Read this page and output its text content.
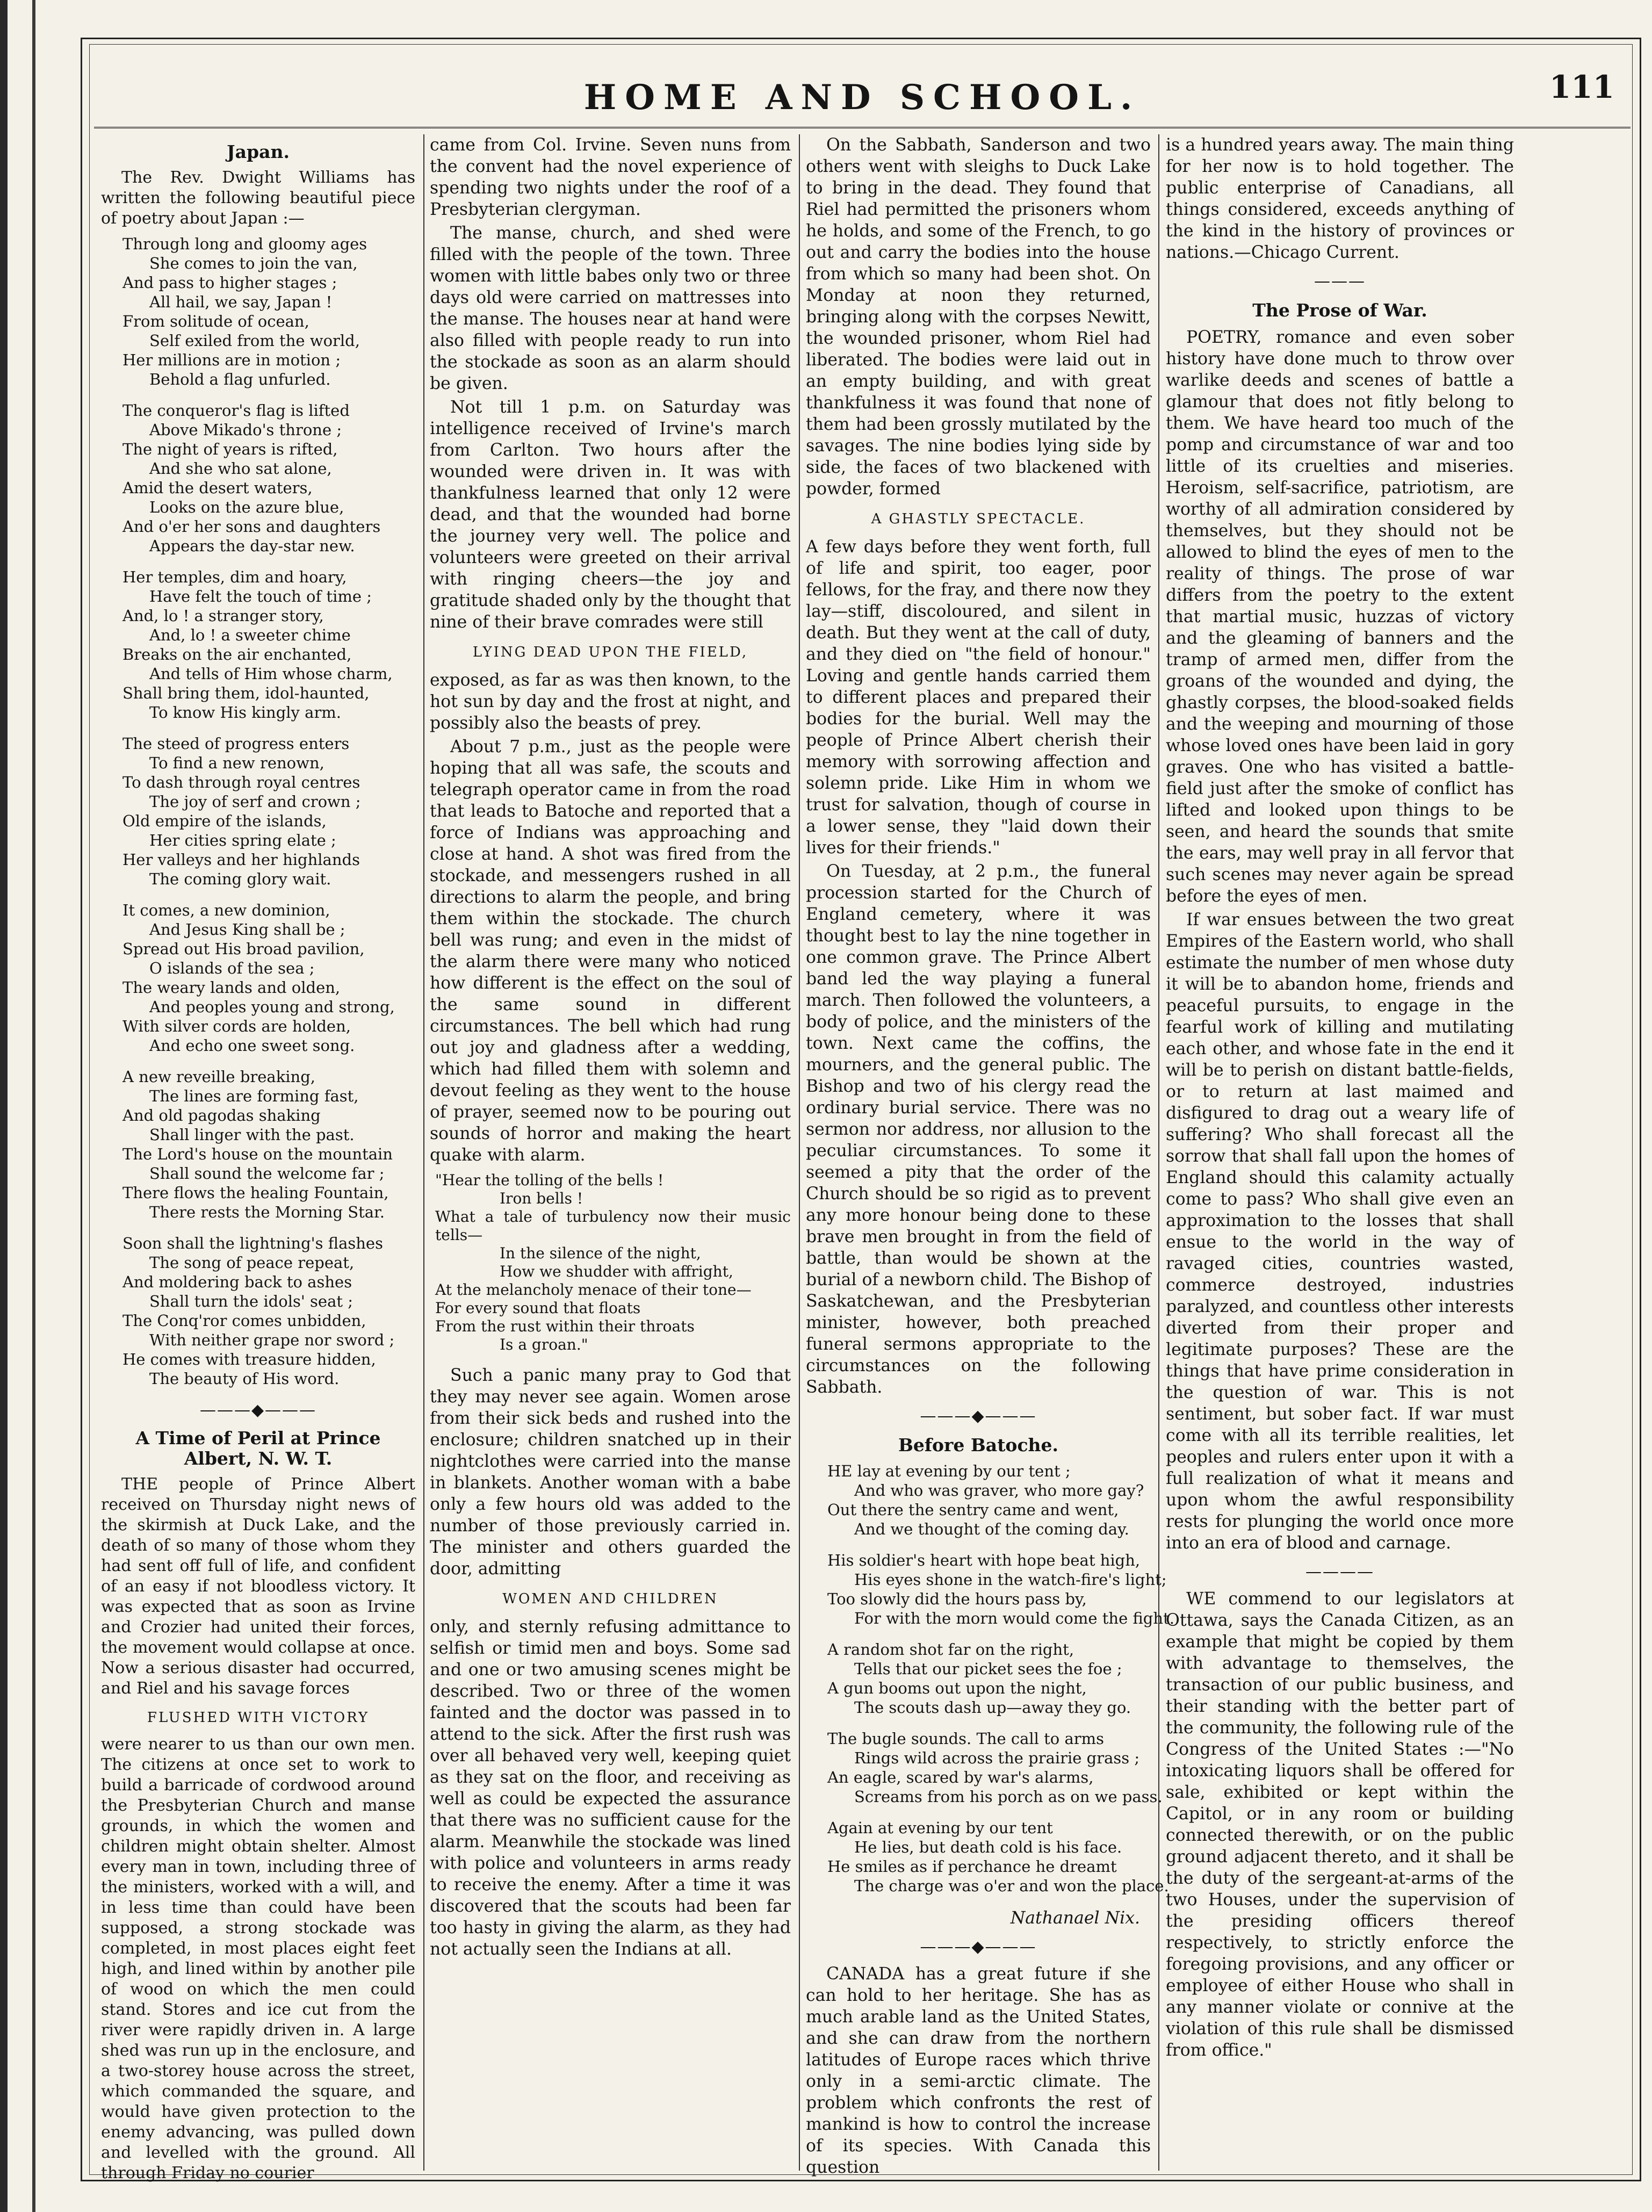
HOME AND SCHOOL.	111
Japan.

The Rev. Dwight Williams has written the following beautiful piece of poetry about Japan :—

Through long and gloomy ages
She comes to join the van,
And pass to higher stages ;
All hail, we say, Japan !
From solitude of ocean,
Self exiled from the world,
Her millions are in motion ;
Behold a flag unfurled.
The conqueror's flag is lifted
Above Mikado's throne ;
The night of years is rifted,
And she who sat alone,
Amid the desert waters,
Looks on the azure blue,
And o'er her sons and daughters
Appears the day-star new.
Her temples, dim and hoary,
Have felt the touch of time ;
And, lo ! a stranger story,
And, lo ! a sweeter chime
Breaks on the air enchanted,
And tells of Him whose charm,
Shall bring them, idol-haunted,
To know His kingly arm.
The steed of progress enters
To find a new renown,
To dash through royal centres
The joy of serf and crown ;
Old empire of the islands,
Her cities spring elate ;
Her valleys and her highlands
The coming glory wait.
It comes, a new dominion,
And Jesus King shall be ;
Spread out His broad pavilion,
O islands of the sea ;
The weary lands and olden,
And peoples young and strong,
With silver cords are holden,
And echo one sweet song.
A new reveille breaking,
The lines are forming fast,
And old pagodas shaking
Shall linger with the past.
The Lord's house on the mountain
Shall sound the welcome far ;
There flows the healing Fountain,
There rests the Morning Star.
Soon shall the lightning's flashes
The song of peace repeat,
And moldering back to ashes
Shall turn the idols' seat ;
The Conq'ror comes unbidden,
With neither grape nor sword ;
He comes with treasure hidden,
The beauty of His word.
———◆———
A Time of Peril at Prince Albert, N. W. T.

THE people of Prince Albert received on Thursday night news of the skirmish at Duck Lake, and the death of so many of those whom they had sent off full of life, and confident of an easy if not bloodless victory. It was expected that as soon as Irvine and Crozier had united their forces, the movement would collapse at once. Now a serious disaster had occurred, and Riel and his savage forces

FLUSHED WITH VICTORY

were nearer to us than our own men. The citizens at once set to work to build a barricade of cordwood around the Presbyterian Church and manse grounds, in which the women and children might obtain shelter. Almost every man in town, including three of the ministers, worked with a will, and in less time than could have been supposed, a strong stockade was completed, in most places eight feet high, and lined within by another pile of wood on which the men could stand. Stores and ice cut from the river were rapidly driven in. A large shed was run up in the enclosure, and a two-storey house across the street, which commanded the square, and would have given protection to the enemy advancing, was pulled down and levelled with the ground. All through Friday no courier

came from Col. Irvine. Seven nuns from the convent had the novel experience of spending two nights under the roof of a Presbyterian clergyman.

The manse, church, and shed were filled with the people of the town. Three women with little babes only two or three days old were carried on mattresses into the manse. The houses near at hand were also filled with people ready to run into the stockade as soon as an alarm should be given.

Not till 1 p.m. on Saturday was intelligence received of Irvine's march from Carlton. Two hours after the wounded were driven in. It was with thankfulness learned that only 12 were dead, and that the wounded had borne the journey very well. The police and volunteers were greeted on their arrival with ringing cheers—the joy and gratitude shaded only by the thought that nine of their brave comrades were still

LYING DEAD UPON THE FIELD,

exposed, as far as was then known, to the hot sun by day and the frost at night, and possibly also the beasts of prey.

About 7 p.m., just as the people were hoping that all was safe, the scouts and telegraph operator came in from the road that leads to Batoche and reported that a force of Indians was approaching and close at hand. A shot was fired from the stockade, and messengers rushed in all directions to alarm the people, and bring them within the stockade. The church bell was rung; and even in the midst of the alarm there were many who noticed how different is the effect on the soul of the same sound in different circumstances. The bell which had rung out joy and gladness after a wedding, which had filled them with solemn and devout feeling as they went to the house of prayer, seemed now to be pouring out sounds of horror and making the heart quake with alarm.

"Hear the tolling of the bells !
Iron bells !
What a tale of turbulency now their music tells—
In the silence of the night,
How we shudder with affright,
At the melancholy menace of their tone—
For every sound that floats
From the rust within their throats
Is a groan."

Such a panic many pray to God that they may never see again. Women arose from their sick beds and rushed into the enclosure; children snatched up in their nightclothes were carried into the manse in blankets. Another woman with a babe only a few hours old was added to the number of those previously carried in. The minister and others guarded the door, admitting

WOMEN AND CHILDREN

only, and sternly refusing admittance to selfish or timid men and boys. Some sad and one or two amusing scenes might be described. Two or three of the women fainted and the doctor was passed in to attend to the sick. After the first rush was over all behaved very well, keeping quiet as they sat on the floor, and receiving as well as could be expected the assurance that there was no sufficient cause for the alarm. Meanwhile the stockade was lined with police and volunteers in arms ready to receive the enemy. After a time it was discovered that the scouts had been far too hasty in giving the alarm, as they had not actually seen the Indians at all.

On the Sabbath, Sanderson and two others went with sleighs to Duck Lake to bring in the dead. They found that Riel had permitted the prisoners whom he holds, and some of the French, to go out and carry the bodies into the house from which so many had been shot. On Monday at noon they returned, bringing along with the corpses Newitt, the wounded prisoner, whom Riel had liberated. The bodies were laid out in an empty building, and with great thankfulness it was found that none of them had been grossly mutilated by the savages. The nine bodies lying side by side, the faces of two blackened with powder, formed

A GHASTLY SPECTACLE.

A few days before they went forth, full of life and spirit, too eager, poor fellows, for the fray, and there now they lay—stiff, discoloured, and silent in death. But they went at the call of duty, and they died on "the field of honour." Loving and gentle hands carried them to different places and prepared their bodies for the burial. Well may the people of Prince Albert cherish their memory with sorrowing affection and solemn pride. Like Him in whom we trust for salvation, though of course in a lower sense, they "laid down their lives for their friends."

On Tuesday, at 2 p.m., the funeral procession started for the Church of England cemetery, where it was thought best to lay the nine together in one common grave. The Prince Albert band led the way playing a funeral march. Then followed the volunteers, a body of police, and the ministers of the town. Next came the coffins, the mourners, and the general public. The Bishop and two of his clergy read the ordinary burial service. There was no sermon nor address, nor allusion to the peculiar circumstances. To some it seemed a pity that the order of the Church should be so rigid as to prevent any more honour being done to these brave men brought in from the field of battle, than would be shown at the burial of a newborn child. The Bishop of Saskatchewan, and the Presbyterian minister, however, both preached funeral sermons appropriate to the circumstances on the following Sabbath.

———◆———
Before Batoche.
HE lay at evening by our tent ;
And who was graver, who more gay?
Out there the sentry came and went,
And we thought of the coming day.
His soldier's heart with hope beat high,
His eyes shone in the watch-fire's light;
Too slowly did the hours pass by,
For with the morn would come the fight.
A random shot far on the right,
Tells that our picket sees the foe ;
A gun booms out upon the night,
The scouts dash up—away they go.
The bugle sounds. The call to arms
Rings wild across the prairie grass ;
An eagle, scared by war's alarms,
Screams from his porch as on we pass.
Again at evening by our tent
He lies, but death cold is his face.
He smiles as if perchance he dreamt
The charge was o'er and won the place.
Nathanael Nix.
———◆———

CANADA has a great future if she can hold to her heritage. She has as much arable land as the United States, and she can draw from the northern latitudes of Europe races which thrive only in a semi-arctic climate. The problem which confronts the rest of mankind is how to control the increase of its species. With Canada this question

is a hundred years away. The main thing for her now is to hold together. The public enterprise of Canadians, all things considered, exceeds anything of the kind in the history of provinces or nations.—Chicago Current.

———
The Prose of War.

POETRY, romance and even sober history have done much to throw over warlike deeds and scenes of battle a glamour that does not fitly belong to them. We have heard too much of the pomp and circumstance of war and too little of its cruelties and miseries. Heroism, self-sacrifice, patriotism, are worthy of all admiration considered by themselves, but they should not be allowed to blind the eyes of men to the reality of things. The prose of war differs from the poetry to the extent that martial music, huzzas of victory and the gleaming of banners and the tramp of armed men, differ from the groans of the wounded and dying, the ghastly corpses, the blood-soaked fields and the weeping and mourning of those whose loved ones have been laid in gory graves. One who has visited a battle-field just after the smoke of conflict has lifted and looked upon things to be seen, and heard the sounds that smite the ears, may well pray in all fervor that such scenes may never again be spread before the eyes of men.

If war ensues between the two great Empires of the Eastern world, who shall estimate the number of men whose duty it will be to abandon home, friends and peaceful pursuits, to engage in the fearful work of killing and mutilating each other, and whose fate in the end it will be to perish on distant battle-fields, or to return at last maimed and disfigured to drag out a weary life of suffering? Who shall forecast all the sorrow that shall fall upon the homes of England should this calamity actually come to pass? Who shall give even an approximation to the losses that shall ensue to the world in the way of ravaged cities, countries wasted, commerce destroyed, industries paralyzed, and countless other interests diverted from their proper and legitimate purposes? These are the things that have prime consideration in the question of war. This is not sentiment, but sober fact. If war must come with all its terrible realities, let peoples and rulers enter upon it with a full realization of what it means and upon whom the awful responsibility rests for plunging the world once more into an era of blood and carnage.

————

WE commend to our legislators at Ottawa, says the Canada Citizen, as an example that might be copied by them with advantage to themselves, the transaction of our public business, and their standing with the better part of the community, the following rule of the Congress of the United States :—"No intoxicating liquors shall be offered for sale, exhibited or kept within the Capitol, or in any room or building connected therewith, or on the public ground adjacent thereto, and it shall be the duty of the sergeant-at-arms of the two Houses, under the supervision of the presiding officers thereof respectively, to strictly enforce the foregoing provisions, and any officer or employee of either House who shall in any manner violate or connive at the violation of this rule shall be dismissed from office."
